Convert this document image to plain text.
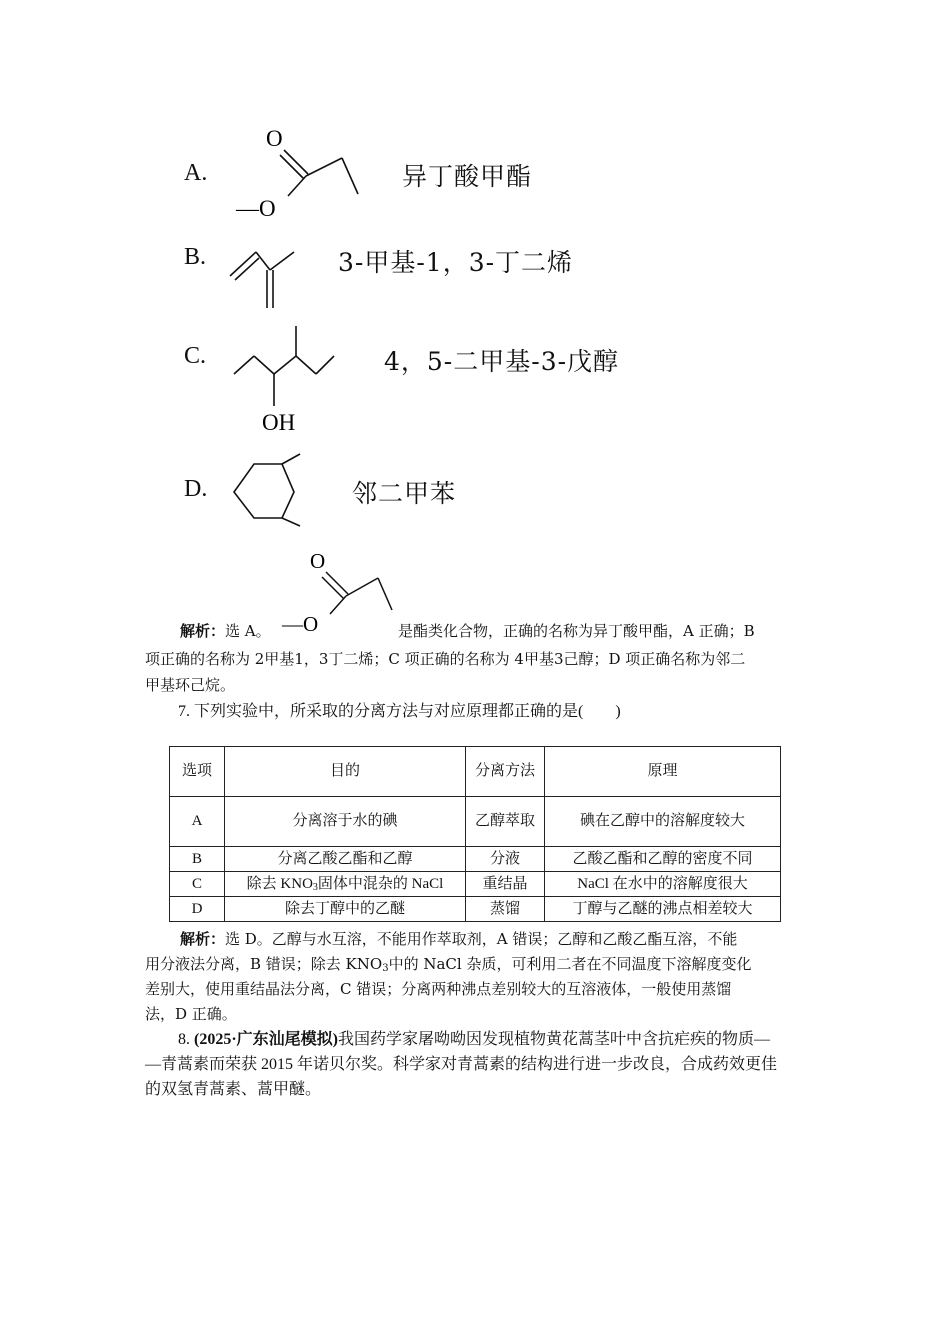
A.
O
—O
异丁酸甲酯
B.	3-甲基-1，3-丁二烯
C.
OH
4，5-二甲基-3-戊醇
D.	邻二甲苯
O
—O
解析：选 A。	是酯类化合物，正确的名称为异丁酸甲酯，A 正确；B
项正确的名称为 2甲基1，3丁二烯；C 项正确的名称为 4甲基3己醇；D 项正确名称为邻二
甲基环己烷。
7. 下列实验中，所采取的分离方法与对应原理都正确的是(　　)
选项	目的	分离方法	原理
A	分离溶于水的碘	乙醇萃取	碘在乙醇中的溶解度较大
B	分离乙酸乙酯和乙醇	分液	乙酸乙酯和乙醇的密度不同
C	除去 $KNO_3$固体中混杂的 NaCl	重结晶	NaCl 在水中的溶解度很大
D	除去丁醇中的乙醚	蒸馏	丁醇与乙醚的沸点相差较大
解析：选 D。乙醇与水互溶，不能用作萃取剂，A 错误；乙醇和乙酸乙酯互溶，不能
用分液法分离，B 错误；除去 $KNO_3$中的 NaCl 杂质，可利用二者在不同温度下溶解度变化
差别大，使用重结晶法分离，C 错误；分离两种沸点差别较大的互溶液体，一般使用蒸馏
法，D 正确。
8. (2025·广东汕尾模拟)我国药学家屠呦呦因发现植物黄花蒿茎叶中含抗疟疾的物质—
—青蒿素而荣获 2015 年诺贝尔奖。科学家对青蒿素的结构进行进一步改良，合成药效更佳
的双氢青蒿素、蒿甲醚。
